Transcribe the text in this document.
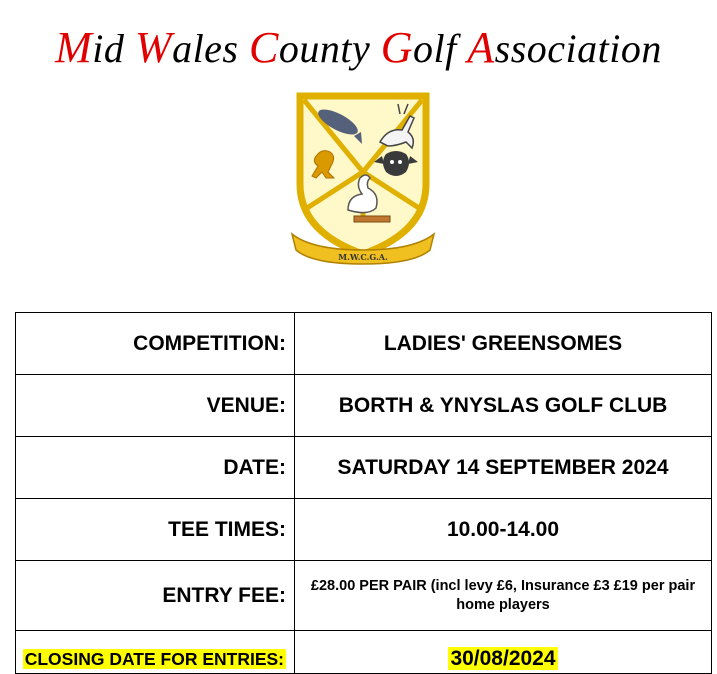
Mid Wales County Golf Association
M.W.C.G.A.
COMPETITION:	LADIES' GREENSOMES
VENUE:	BORTH & YNYSLAS GOLF CLUB
DATE:	SATURDAY 14 SEPTEMBER 2024
TEE TIMES:	10.00-14.00
ENTRY FEE:	£28.00 PER PAIR (incl levy £6, Insurance £3 £19 per pair home players
CLOSING DATE FOR ENTRIES:	30/08/2024
